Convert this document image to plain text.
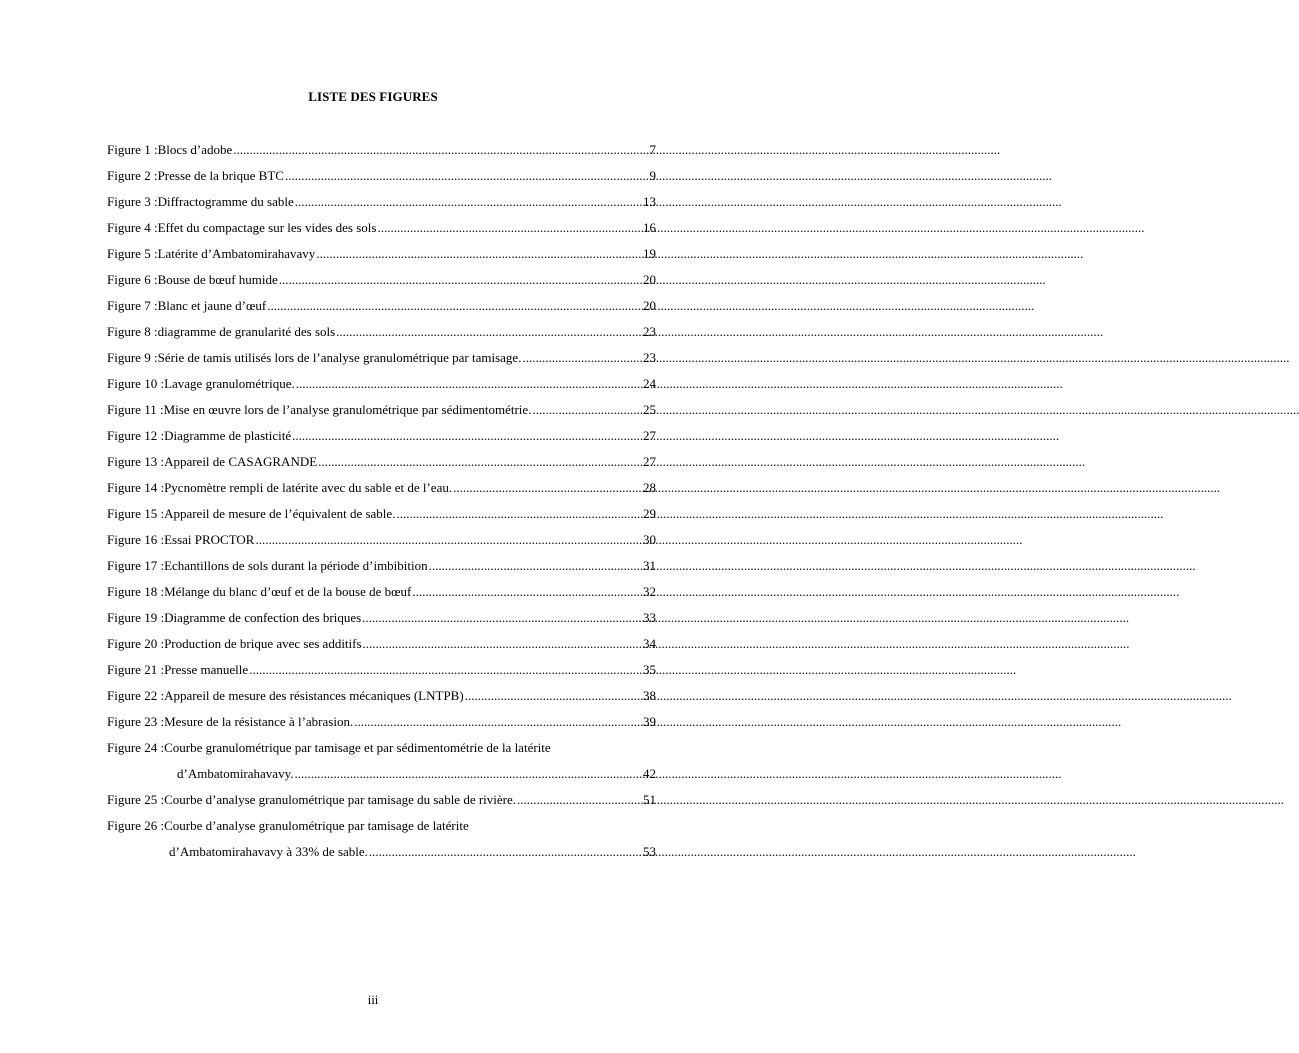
LISTE DES FIGURES
Figure 1 : Blocs d’adobe .....	7
Figure 2 : Presse de la brique BTC .....	9
Figure 3 : Diffractogramme du sable .....	13
Figure 4 : Effet du compactage sur les vides des sols .....	16
Figure 5 : Latérite d’Ambatomirahavavy .....	19
Figure 6 : Bouse de bœuf humide .....	20
Figure 7 : Blanc et jaune d’œuf .....	20
Figure 8 : diagramme de granularité des sols .....	23
Figure 9 : Série de tamis utilisés lors de l’analyse granulométrique par tamisage. .....	23
Figure 10 : Lavage granulométrique. .....	24
Figure 11 : Mise en œuvre lors de l’analyse granulométrique par sédimentométrie. .....	25
Figure 12 : Diagramme de plasticité .....	27
Figure 13 : Appareil de CASAGRANDE .....	27
Figure 14 : Pycnomètre rempli de latérite avec du sable et de l’eau. .....	28
Figure 15 : Appareil de mesure de l’équivalent de sable. .....	29
Figure 16 : Essai PROCTOR .....	30
Figure 17 : Echantillons de sols durant la période d’imbibition .....	31
Figure 18 : Mélange du blanc d’œuf et de la bouse de bœuf .....	32
Figure 19 : Diagramme de confection des briques .....	33
Figure 20 : Production de brique avec ses additifs .....	34
Figure 21 : Presse manuelle .....	35
Figure 22 : Appareil de mesure des résistances mécaniques (LNTPB) .....	38
Figure 23 : Mesure de la résistance à l’abrasion. .....	39
Figure 24 : Courbe granulométrique par tamisage et par sédimentométrie de la latérite
d’Ambatomirahavavy. .....	42
Figure 25 : Courbe d’analyse granulométrique par tamisage du sable de rivière. .....	51
Figure 26 : Courbe d’analyse granulométrique par tamisage de latérite
d’Ambatomirahavavy à 33% de sable. .....	53
iii
